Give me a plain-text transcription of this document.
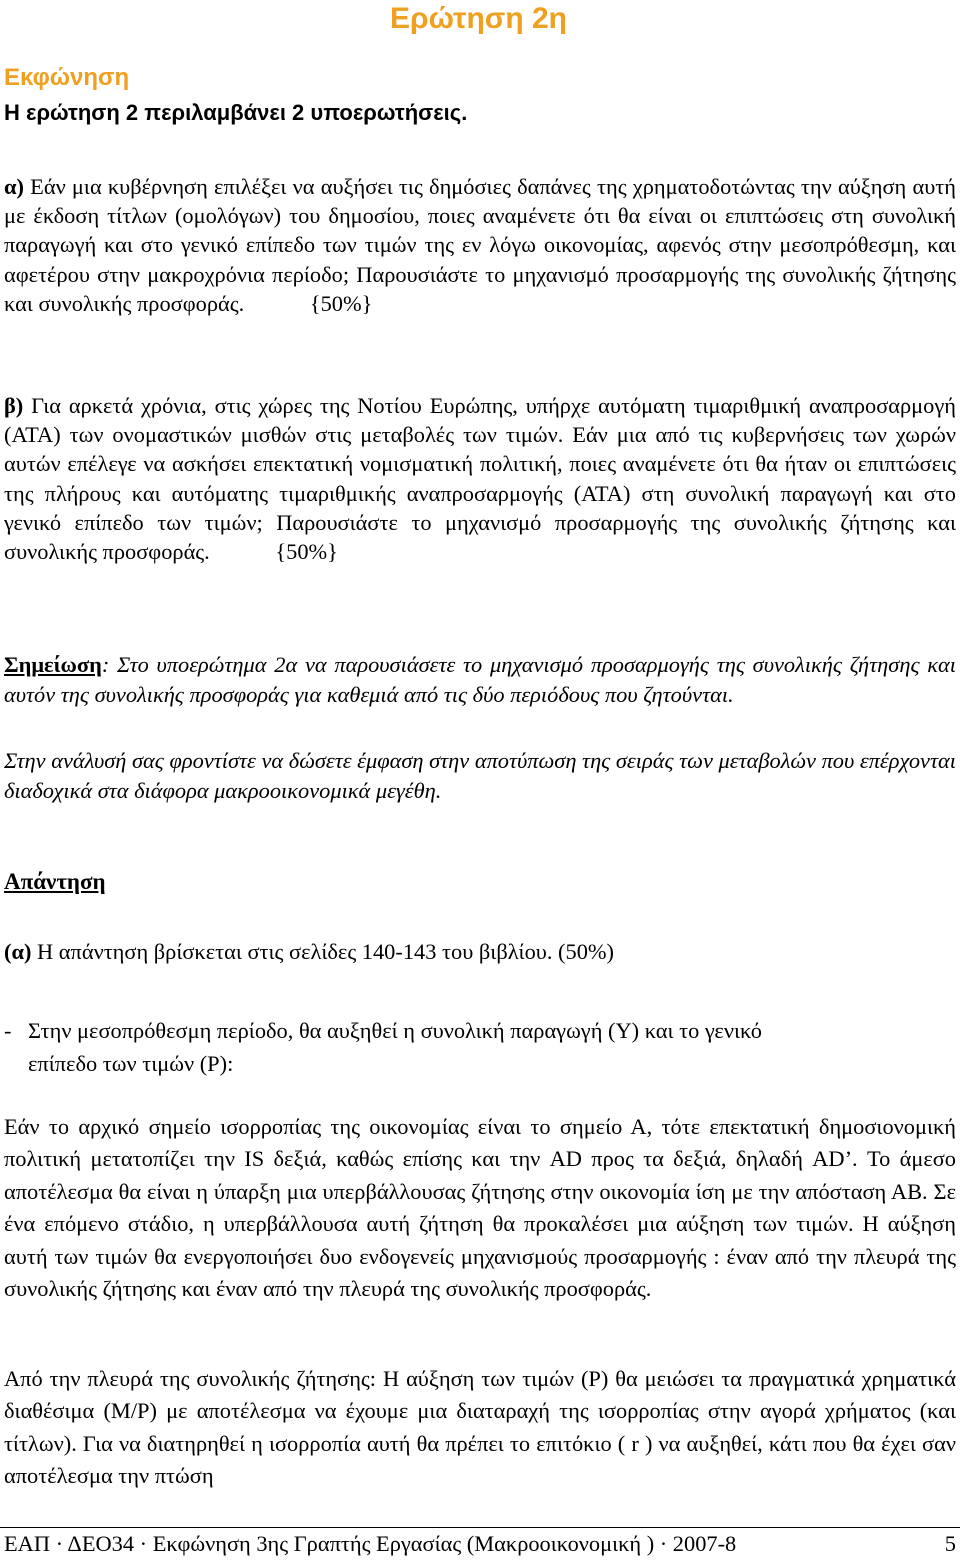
Ερώτηση 2η
Εκφώνηση

Η ερώτηση 2 περιλαμβάνει 2 υποερωτήσεις.

α) Εάν μια κυβέρνηση επιλέξει να αυξήσει τις δημόσιες δαπάνες της χρηματοδοτώντας την αύξηση αυτή με έκδοση τίτλων (ομολόγων) του δημοσίου, ποιες αναμένετε ότι θα είναι οι επιπτώσεις στη συνολική παραγωγή και στο γενικό επίπεδο των τιμών της εν λόγω οικονομίας, αφενός στην μεσοπρόθεσμη, και αφετέρου στην μακροχρόνια περίοδο; Παρουσιάστε το μηχανισμό προσαρμογής της συνολικής ζήτησης και συνολικής προσφοράς.	{50%}

β) Για αρκετά χρόνια, στις χώρες της Νοτίου Ευρώπης, υπήρχε αυτόματη τιμαριθμική αναπροσαρμογή (ΑΤΑ) των ονομαστικών μισθών στις μεταβολές των τιμών. Εάν μια από τις κυβερνήσεις των χωρών αυτών επέλεγε να ασκήσει επεκτατική νομισματική πολιτική, ποιες αναμένετε ότι θα ήταν οι επιπτώσεις της πλήρους και αυτόματης τιμαριθμικής αναπροσαρμογής (ΑΤΑ) στη συνολική παραγωγή και στο γενικό επίπεδο των τιμών; Παρουσιάστε το μηχανισμό προσαρμογής της συνολικής ζήτησης και συνολικής προσφοράς.	{50%}

Σημείωση: Στο υποερώτημα 2α να παρουσιάσετε το μηχανισμό προσαρμογής της συνολικής ζήτησης και αυτόν της συνολικής προσφοράς για καθεμιά από τις δύο περιόδους που ζητούνται.

Στην ανάλυσή σας φροντίστε να δώσετε έμφαση στην αποτύπωση της σειράς των μεταβολών που επέρχονται διαδοχικά στα διάφορα μακροοικονομικά μεγέθη.

Απάντηση

(α) Η απάντηση βρίσκεται στις σελίδες 140-143 του βιβλίου. (50%)

- Στην μεσοπρόθεσμη περίοδο, θα αυξηθεί η συνολική παραγωγή (Y) και το γενικό
επίπεδο των τιμών (P):

Εάν το αρχικό σημείο ισορροπίας της οικονομίας είναι το σημείο Α, τότε επεκτατική δημοσιονομική πολιτική μετατοπίζει την IS δεξιά, καθώς επίσης και την AD προς τα δεξιά, δηλαδή AD’. Το άμεσο αποτέλεσμα θα είναι η ύπαρξη μια υπερβάλλουσας ζήτησης στην οικονομία ίση με την απόσταση ΑΒ. Σε ένα επόμενο στάδιο, η υπερβάλλουσα αυτή ζήτηση θα προκαλέσει μια αύξηση των τιμών. Η αύξηση αυτή των τιμών θα ενεργοποιήσει δυο ενδογενείς μηχανισμούς προσαρμογής : έναν από την πλευρά της συνολικής ζήτησης και έναν από την πλευρά της συνολικής προσφοράς.

Από την πλευρά της συνολικής ζήτησης: Η αύξηση των τιμών (P) θα μειώσει τα πραγματικά χρηματικά διαθέσιμα (M/P) με αποτέλεσμα να έχουμε μια διαταραχή της ισορροπίας στην αγορά χρήματος (και τίτλων). Για να διατηρηθεί η ισορροπία αυτή θα πρέπει το επιτόκιο ( r ) να αυξηθεί, κάτι που θα έχει σαν αποτέλεσμα την πτώση

ΕΑΠ · ΔΕΟ34 · Εκφώνηση 3ης Γραπτής Εργασίας (Μακροοικονομική ) · 2007-8	5
